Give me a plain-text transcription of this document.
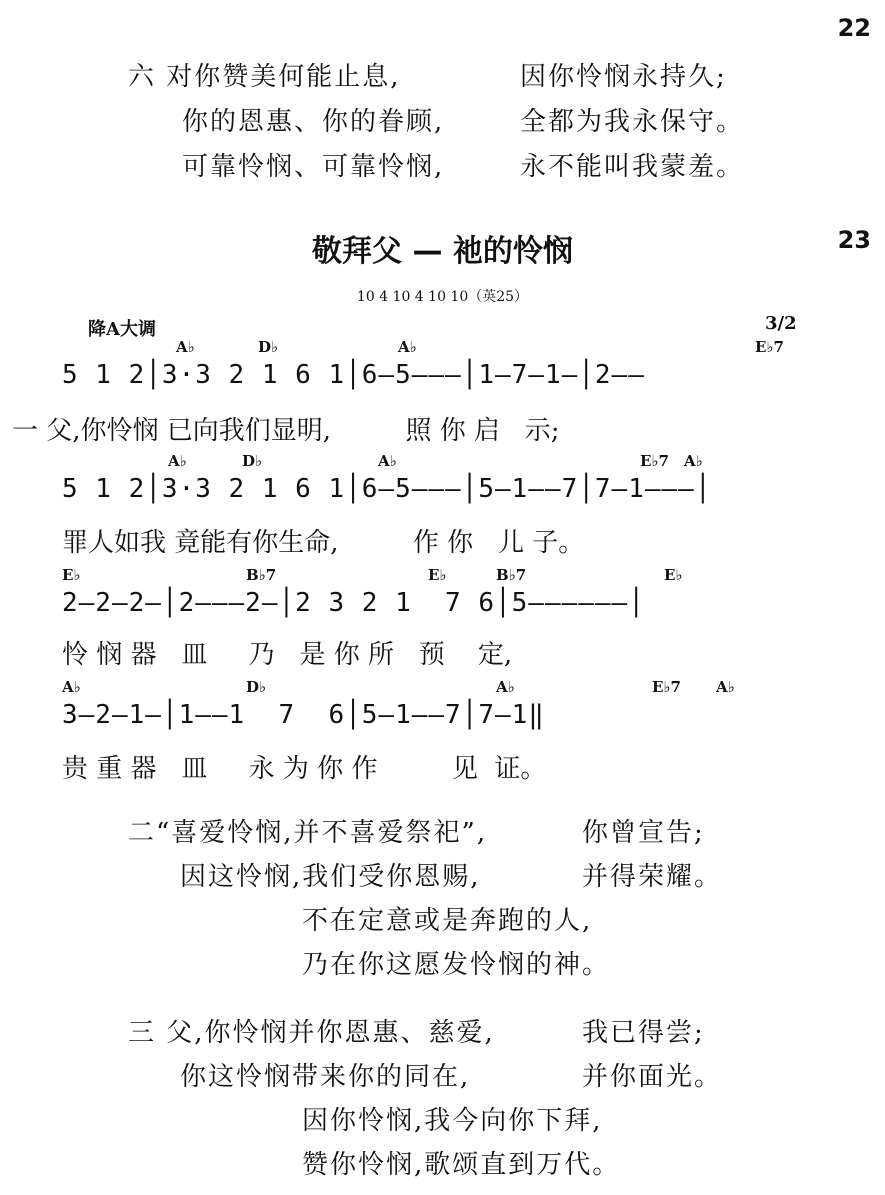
22
23
六 对你赞美何能止息,	因你怜悯永持久;
你的恩惠、你的眷顾,	全都为我永保守。
可靠怜悯、可靠怜悯,	永不能叫我蒙羞。
敬拜父 — 祂的怜悯
10 4 10 4 10 10（英25）
降A大调	3/2
A♭	D♭	A♭	E♭7
5 1 2│3·3 2 1 6 1│6—5———│1—7—1—│2——
一 父,你怜悯 已向我们显明,         照 你 启   示;
A♭	D♭	A♭	E♭7 A♭
5 1 2│3·3 2 1 6 1│6—5———│5—1——7│7—1———│
罪人如我 竟能有你生命,         作 你   儿 子。
E♭	B♭7	E♭	B♭7	E♭
2—2—2—│2———2—│2 3 2 1  7 6│5——————│
怜 悯 器   皿     乃   是 你 所   预    定,
A♭	D♭	A♭	E♭7 A♭
3—2—1—│1——1  7  6│5—1——7│7—1‖
贵 重 器   皿     永 为 你 作         见  证。
二“喜爱怜悯,并不喜爱祭祀”,	你曾宣告;
因这怜悯,我们受你恩赐,	并得荣耀。
不在定意或是奔跑的人,
乃在你这愿发怜悯的神。
三 父,你怜悯并你恩惠、慈爱,	我已得尝;
你这怜悯带来你的同在,	并你面光。
因你怜悯,我今向你下拜,
赞你怜悯,歌颂直到万代。
